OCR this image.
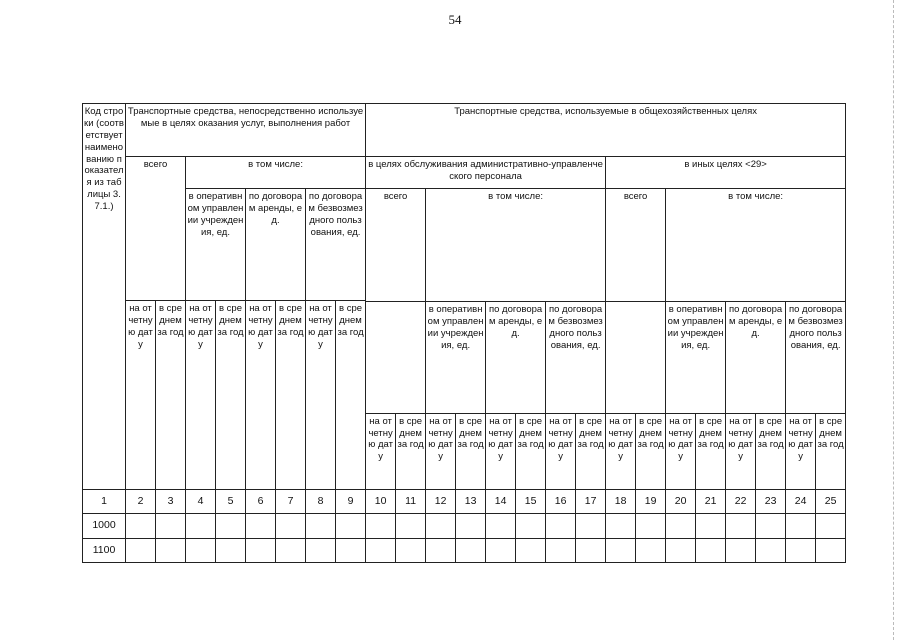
54
Код строки (соответствует наименованию показателя из таблицы 3.7.1.)	Транспортные средства, непосредственно используемые в целях оказания услуг, выполнения работ								Транспортные средства, используемые в общехозяйственных целях															
	всего		в том числе:						в целях обслуживания административно-управленческого персонала								в иных целях <29>							
			в оперативном управлении учреждения, ед.		по договорам аренды, ед.		по договорам безвозмездного пользования, ед.		всего		в том числе:						всего		в том числе:					
	на отчетную дату	в среднем за год	на отчетную дату	в среднем за год	на отчетную дату	в среднем за год	на отчетную дату	в среднем за год																
											в оперативном управлении учреждения, ед.		по договорам аренды, ед.		по договорам безвозмездного пользования, ед.				в оперативном управлении учреждения, ед.		по договорам аренды, ед.		по договорам безвозмездного пользования, ед.	
									на отчетную дату	в среднем за год	на отчетную дату	в среднем за год	на отчетную дату	в среднем за год	на отчетную дату	в среднем за год	на отчетную дату	в среднем за год	на отчетную дату	в среднем за год	на отчетную дату	в среднем за год	на отчетную дату	в среднем за год
1	2	3	4	5	6	7	8	9	10	11	12	13	14	15	16	17	18	19	20	21	22	23	24	25
1000																								
1100																								
